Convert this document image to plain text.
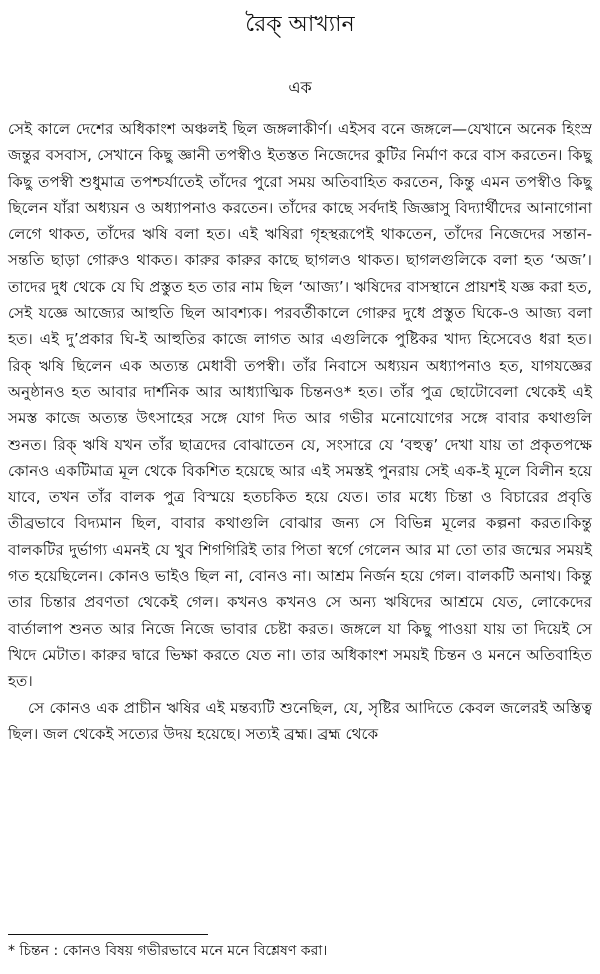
রৈক্ আখ্যান
এক

সেই কালে দেশের অধিকাংশ অঞ্চলই ছিল জঙ্গলাকীর্ণ। এইসব বনে জঙ্গলে—যেখানে অনেক হিংস্র জন্তুর বসবাস, সেখানে কিছু জ্ঞানী তপস্বীও ইতস্তত নিজেদের কুটির নির্মাণ করে বাস করতেন। কিছু কিছু তপস্বী শুধুমাত্র তপশ্চর্যাতেই তাঁদের পুরো সময় অতিবাহিত করতেন, কিন্তু এমন তপস্বীও কিছু ছিলেন যাঁরা অধ্যয়ন ও অধ্যাপনাও করতেন। তাঁদের কাছে সর্বদাই জিজ্ঞাসু বিদ্যার্থীদের আনাগোনা লেগে থাকত, তাঁদের ঋষি বলা হত। এই ঋষিরা গৃহস্থরূপেই থাকতেন, তাঁদের নিজেদের সন্তান-সন্ততি ছাড়া গোরুও থাকত। কারুর কারুর কাছে ছাগলও থাকত। ছাগলগুলিকে বলা হত ‘অজ’। তাদের দুধ থেকে যে ঘি প্রস্তুত হত তার নাম ছিল ‘আজ্য’। ঋষিদের বাসস্থানে প্রায়শই যজ্ঞ করা হত, সেই যজ্ঞে আজ্যের আহুতি ছিল আবশ্যক। পরবর্তীকালে গোরুর দুধে প্রস্তুত ঘিকে-ও আজ্য বলা হত। এই দু’প্রকার ঘি-ই আহুতির কাজে লাগত আর এগুলিকে পুষ্টিকর খাদ্য হিসেবেও ধরা হত। রিক্ ঋষি ছিলেন এক অত্যন্ত মেধাবী তপস্বী। তাঁর নিবাসে অধ্যয়ন অধ্যাপনাও হত, যাগযজ্ঞের অনুষ্ঠানও হত আবার দার্শনিক আর আধ্যাত্মিক চিন্তনও* হত। তাঁর পুত্র ছোটোবেলা থেকেই এই সমস্ত কাজে অত্যন্ত উৎসাহের সঙ্গে যোগ দিত আর গভীর মনোযোগের সঙ্গে বাবার কথাগুলি শুনত। রিক্ ঋষি যখন তাঁর ছাত্রদের বোঝাতেন যে, সংসারে যে ‘বহুত্ব’ দেখা যায় তা প্রকৃতপক্ষে কোনও একটিমাত্র মূল থেকে বিকশিত হয়েছে আর এই সমস্তই পুনরায় সেই এক-ই মূলে বিলীন হয়ে যাবে, তখন তাঁর বালক পুত্র বিস্ময়ে হতচকিত হয়ে যেত। তার মধ্যে চিন্তা ও বিচারের প্রবৃত্তি তীব্রভাবে বিদ্যমান ছিল, বাবার কথাগুলি বোঝার জন্য সে বিভিন্ন মূলের কল্পনা করত।কিন্তু বালকটির দুর্ভাগ্য এমনই যে খুব শিগগিরিই তার পিতা স্বর্গে গেলেন আর মা তো তার জন্মের সময়ই গত হয়েছিলেন। কোনও ভাইও ছিল না, বোনও না। আশ্রম নির্জন হয়ে গেল। বালকটি অনাথ। কিন্তু তার চিন্তার প্রবণতা থেকেই গেল। কখনও কখনও সে অন্য ঋষিদের আশ্রমে যেত, লোকেদের বার্তালাপ শুনত আর নিজে নিজে ভাবার চেষ্টা করত। জঙ্গলে যা কিছু পাওয়া যায় তা দিয়েই সে খিদে মেটাত। কারুর দ্বারে ভিক্ষা করতে যেত না। তার অধিকাংশ সময়ই চিন্তন ও মননে অতিবাহিত হত।

সে কোনও এক প্রাচীন ঋষির এই মন্তব্যটি শুনেছিল, যে, সৃষ্টির আদিতে কেবল জলেরই অস্তিত্ব ছিল। জল থেকেই সত্যের উদয় হয়েছে। সত্যই ব্রহ্ম। ব্রহ্ম থেকে

* চিন্তন : কোনও বিষয় গভীরভাবে মনে মনে বিশ্লেষণ করা।
